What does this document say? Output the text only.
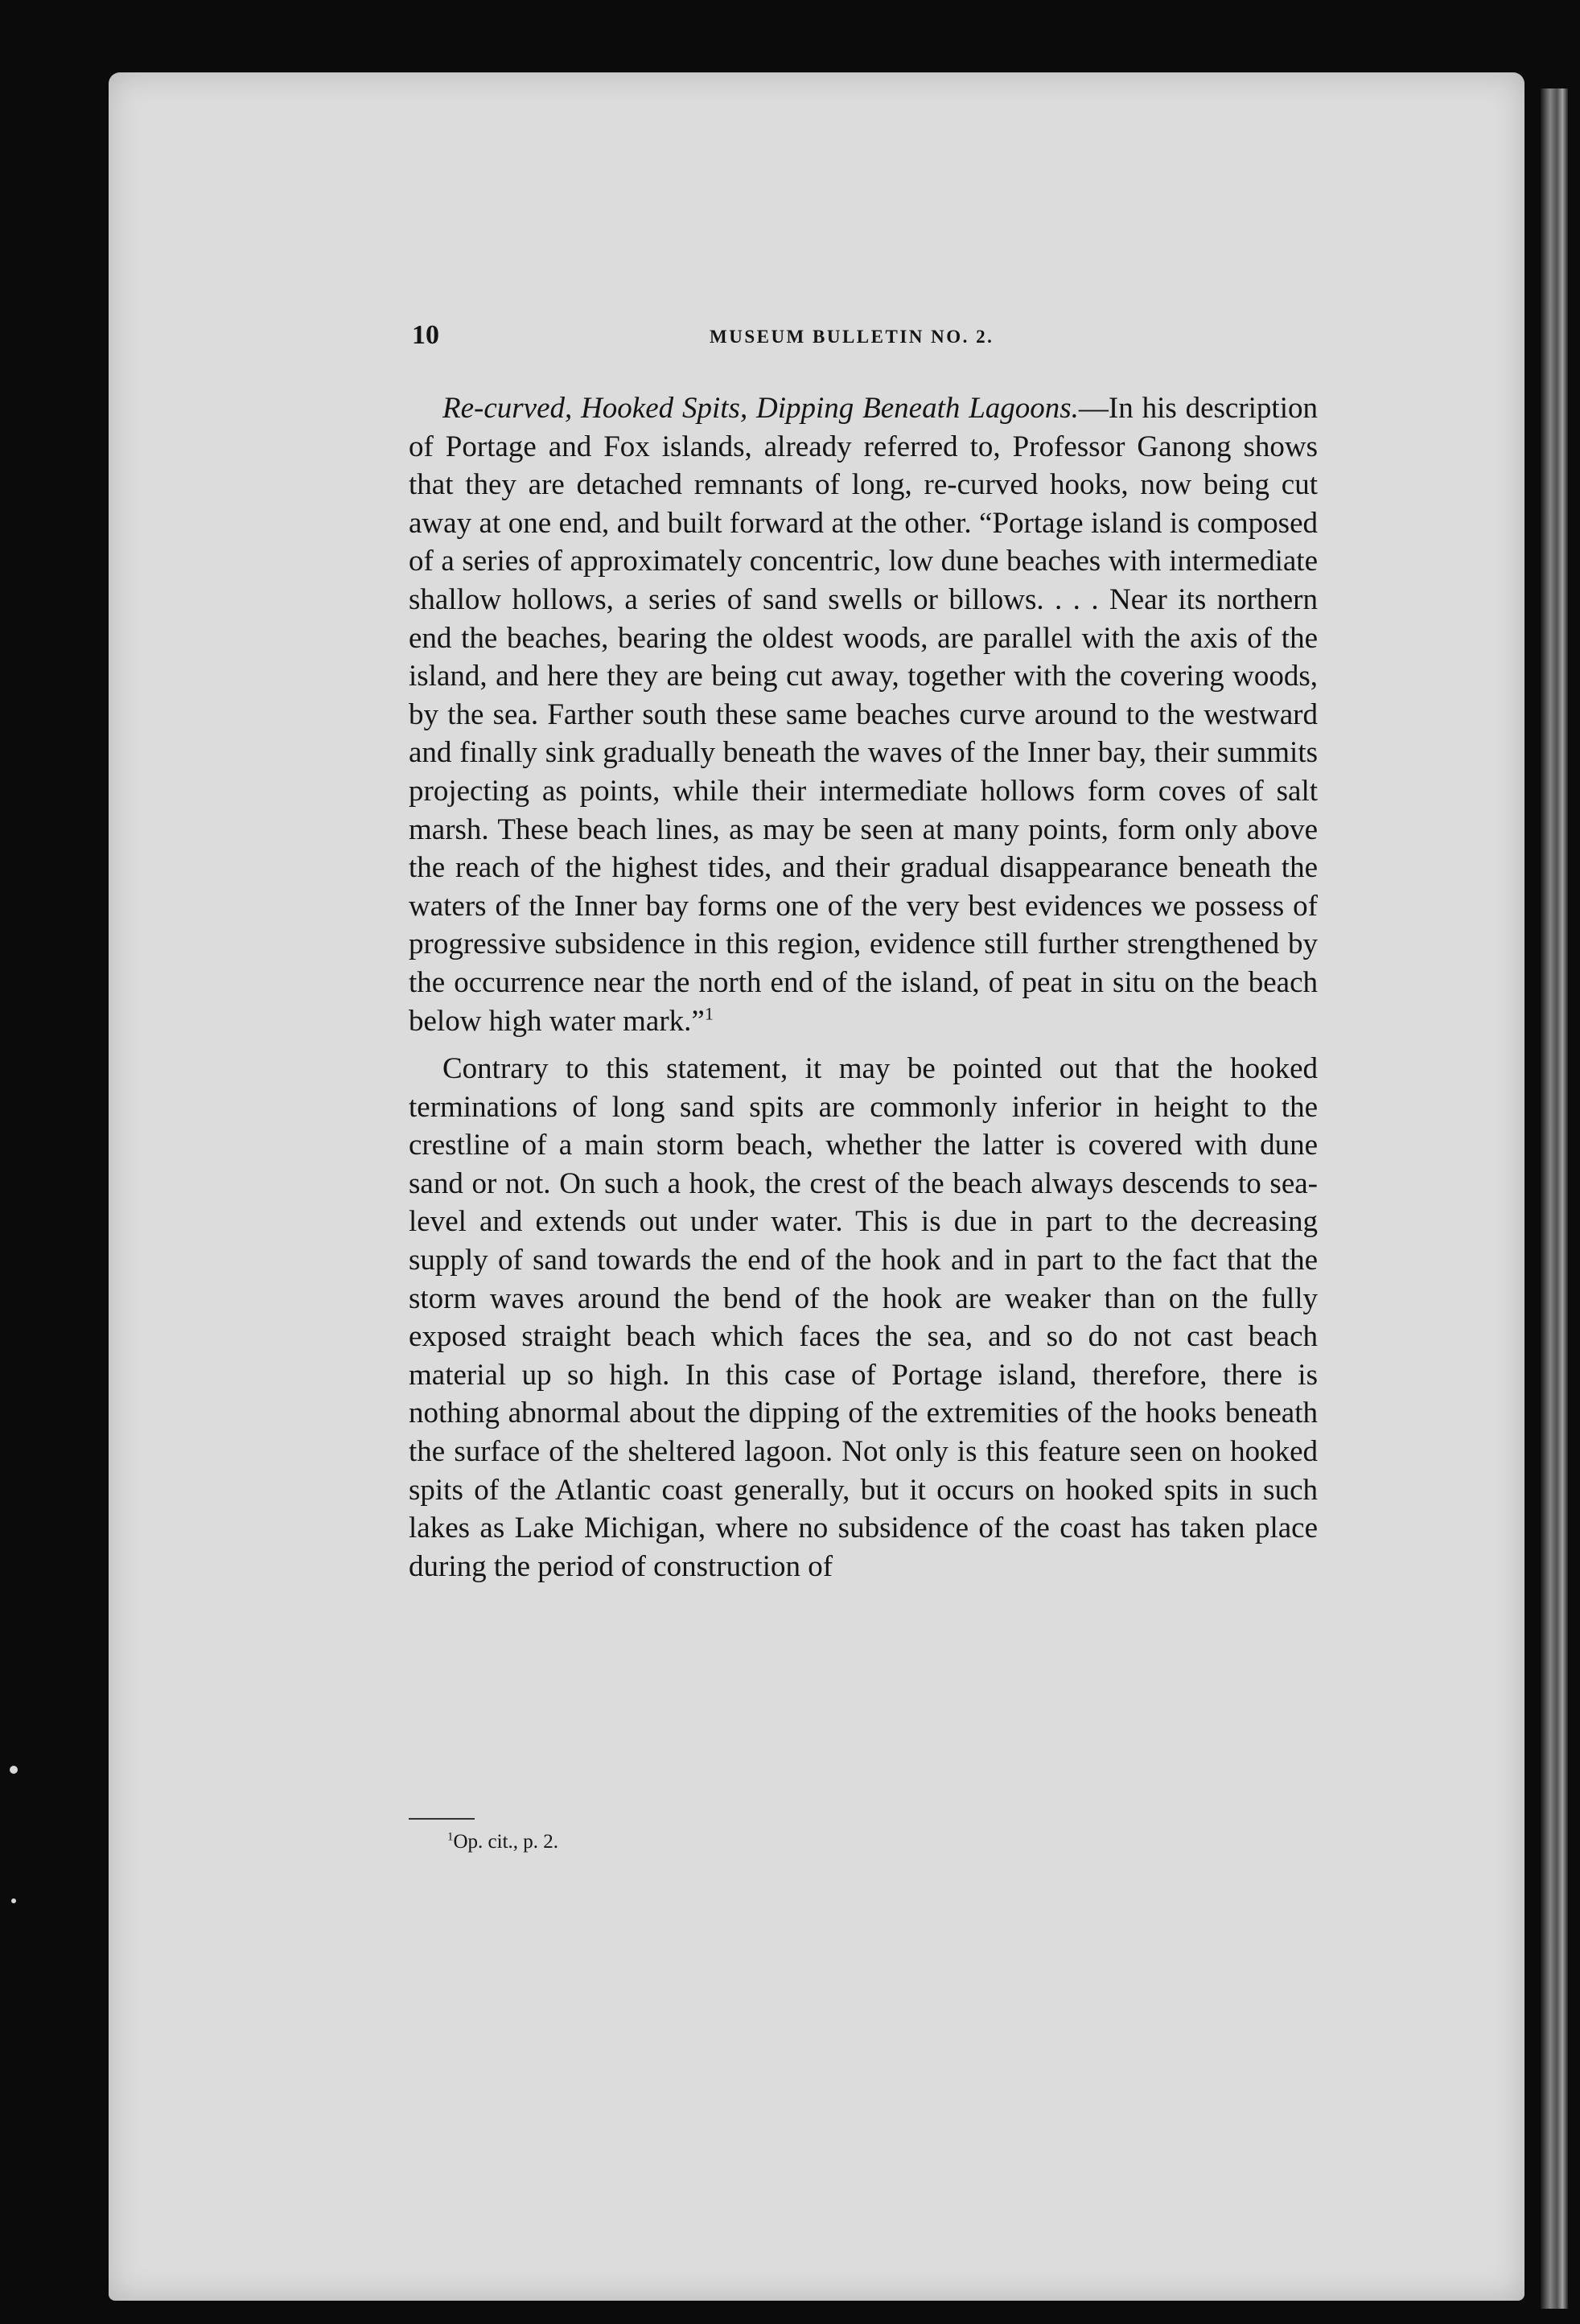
10	MUSEUM BULLETIN NO. 2.

Re-curved, Hooked Spits, Dipping Beneath Lagoons.—In his description of Portage and Fox islands, already referred to, Professor Ganong shows that they are detached remnants of long, re-curved hooks, now being cut away at one end, and built forward at the other. “Portage island is composed of a series of approximately concentric, low dune beaches with intermediate shallow hollows, a series of sand swells or billows. . . . Near its northern end the beaches, bearing the oldest woods, are parallel with the axis of the island, and here they are being cut away, together with the covering woods, by the sea. Farther south these same beaches curve around to the westward and finally sink gradually beneath the waves of the Inner bay, their summits projecting as points, while their intermediate hollows form coves of salt marsh. These beach lines, as may be seen at many points, form only above the reach of the highest tides, and their gradual disappearance beneath the waters of the Inner bay forms one of the very best evidences we possess of progressive subsidence in this region, evidence still further strengthened by the occurrence near the north end of the island, of peat in situ on the beach below high water mark.”$^1$

Contrary to this statement, it may be pointed out that the hooked terminations of long sand spits are commonly inferior in height to the crestline of a main storm beach, whether the latter is covered with dune sand or not. On such a hook, the crest of the beach always descends to sea-level and extends out under water. This is due in part to the decreasing supply of sand towards the end of the hook and in part to the fact that the storm waves around the bend of the hook are weaker than on the fully exposed straight beach which faces the sea, and so do not cast beach material up so high. In this case of Portage island, therefore, there is nothing abnormal about the dipping of the extremities of the hooks beneath the surface of the sheltered lagoon. Not only is this feature seen on hooked spits of the Atlantic coast generally, but it occurs on hooked spits in such lakes as Lake Michigan, where no subsidence of the coast has taken place during the period of construction of

$^1$Op. cit., p. 2.
